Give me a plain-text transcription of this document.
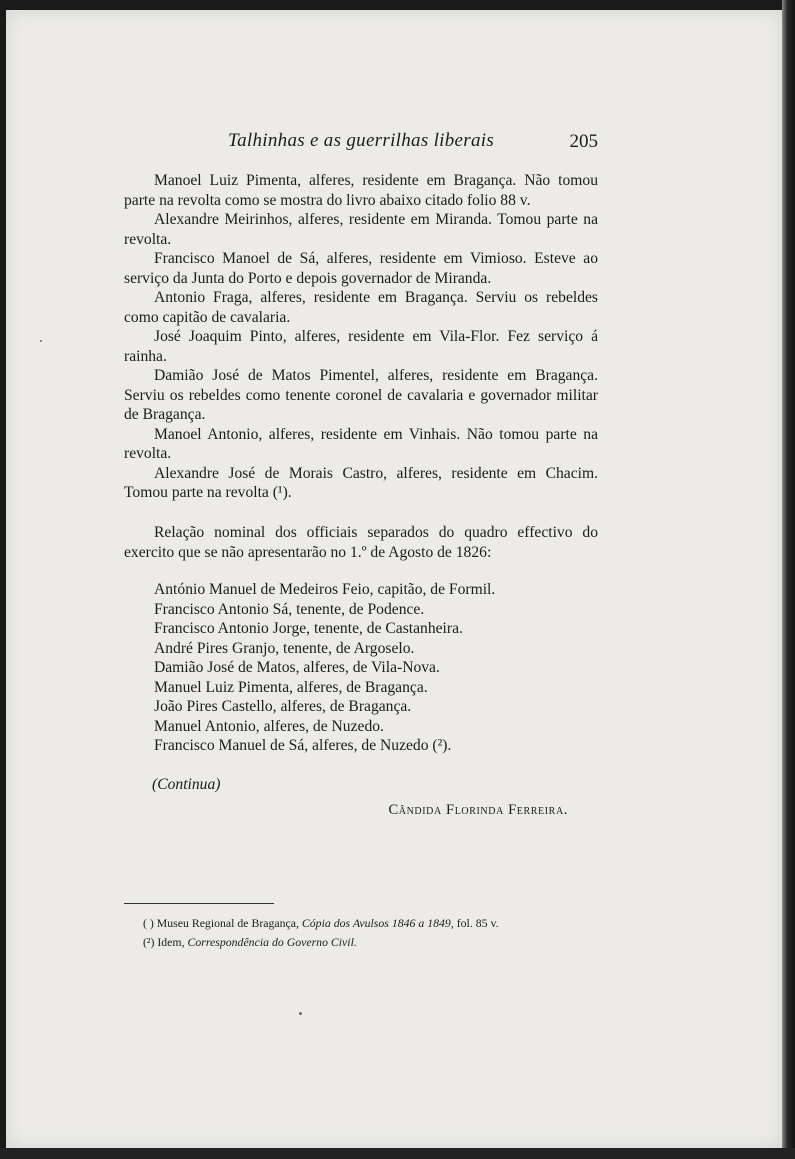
Talhinhas e as guerrilhas liberais	205

Manoel Luiz Pimenta, alferes, residente em Bragança. Não tomou parte na revolta como se mostra do livro abaixo citado folio 88 v.

Alexandre Meirinhos, alferes, residente em Miranda. Tomou parte na revolta.

Francisco Manoel de Sá, alferes, residente em Vimioso. Esteve ao serviço da Junta do Porto e depois governador de Miranda.

Antonio Fraga, alferes, residente em Bragança. Serviu os rebeldes como capitão de cavalaria.

José Joaquim Pinto, alferes, residente em Vila-Flor. Fez serviço á rainha.

Damião José de Matos Pimentel, alferes, residente em Bragança. Serviu os rebeldes como tenente coronel de cavalaria e governador militar de Bragança.

Manoel Antonio, alferes, residente em Vinhais. Não tomou parte na revolta.

Alexandre José de Morais Castro, alferes, residente em Chacim. Tomou parte na revolta (¹).

Relação nominal dos officiais separados do quadro effectivo do exercito que se não apresentarão no 1.º de Agosto de 1826:

António Manuel de Medeiros Feio, capitão, de Formil.
Francisco Antonio Sá, tenente, de Podence.
Francisco Antonio Jorge, tenente, de Castanheira.
André Pires Granjo, tenente, de Argoselo.
Damião José de Matos, alferes, de Vila-Nova.
Manuel Luiz Pimenta, alferes, de Bragança.
João Pires Castello, alferes, de Bragança.
Manuel Antonio, alferes, de Nuzedo.
Francisco Manuel de Sá, alferes, de Nuzedo (²).
(Continua)
Cândida Florinda Ferreira.
( ) Museu Regional de Bragança, Cópia dos Avulsos 1846 a 1849, fol. 85 v.
(²) Idem, Correspondência do Governo Civil.
